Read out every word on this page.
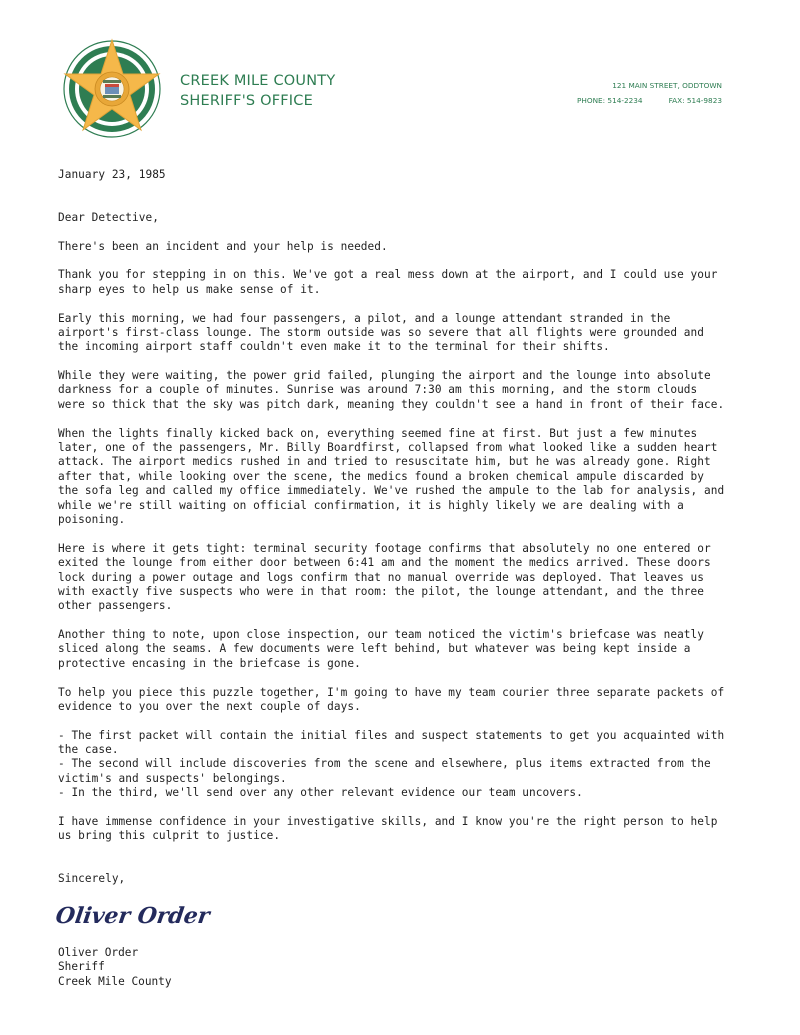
CREEK MILE COUNTY
SHERIFF'S OFFICE
121 MAIN STREET, ODDTOWN
PHONE: 514-2234	FAX: 514-9823

January 23, 1985

Dear Detective,

There's been an incident and your help is needed.

Thank you for stepping in on this. We've got a real mess down at the airport, and I could use your
sharp eyes to help us make sense of it.

Early this morning, we had four passengers, a pilot, and a lounge attendant stranded in the
airport's first-class lounge. The storm outside was so severe that all flights were grounded and
the incoming airport staff couldn't even make it to the terminal for their shifts.

While they were waiting, the power grid failed, plunging the airport and the lounge into absolute
darkness for a couple of minutes. Sunrise was around 7:30 am this morning, and the storm clouds
were so thick that the sky was pitch dark, meaning they couldn't see a hand in front of their face.

When the lights finally kicked back on, everything seemed fine at first. But just a few minutes
later, one of the passengers, Mr. Billy Boardfirst, collapsed from what looked like a sudden heart
attack. The airport medics rushed in and tried to resuscitate him, but he was already gone. Right
after that, while looking over the scene, the medics found a broken chemical ampule discarded by
the sofa leg and called my office immediately. We've rushed the ampule to the lab for analysis, and
while we're still waiting on official confirmation, it is highly likely we are dealing with a
poisoning.

Here is where it gets tight: terminal security footage confirms that absolutely no one entered or
exited the lounge from either door between 6:41 am and the moment the medics arrived. These doors
lock during a power outage and logs confirm that no manual override was deployed. That leaves us
with exactly five suspects who were in that room: the pilot, the lounge attendant, and the three
other passengers.

Another thing to note, upon close inspection, our team noticed the victim's briefcase was neatly
sliced along the seams. A few documents were left behind, but whatever was being kept inside a
protective encasing in the briefcase is gone.

To help you piece this puzzle together, I'm going to have my team courier three separate packets of
evidence to you over the next couple of days.

- The first packet will contain the initial files and suspect statements to get you acquainted with
the case.
- The second will include discoveries from the scene and elsewhere, plus items extracted from the
victim's and suspects' belongings.
- In the third, we'll send over any other relevant evidence our team uncovers.

I have immense confidence in your investigative skills, and I know you're the right person to help
us bring this culprit to justice.

Sincerely,

Oliver Order
Oliver Order
Sheriff
Creek Mile County
